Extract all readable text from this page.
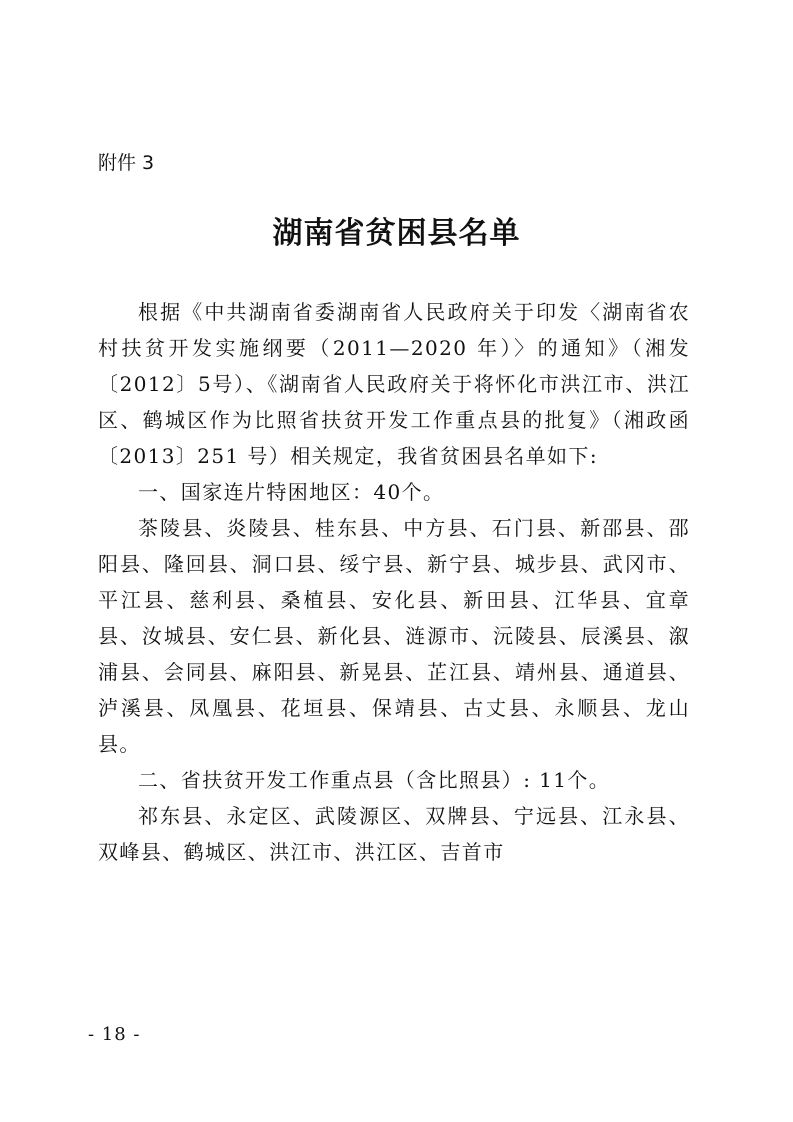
附件 3
湖南省贫困县名单

根据《中共湖南省委湖南省人民政府关于印发〈湖南省农村扶贫开发实施纲要（2011—2020 年）〉的通知》（湘发〔2012〕5号）、《湖南省人民政府关于将怀化市洪江市、洪江区、鹤城区作为比照省扶贫开发工作重点县的批复》（湘政函〔2013〕251 号）相关规定，我省贫困县名单如下:

一、国家连片特困地区：40个。

茶陵县、炎陵县、桂东县、中方县、石门县、新邵县、邵阳县、隆回县、洞口县、绥宁县、新宁县、城步县、武冈市、平江县、慈利县、桑植县、安化县、新田县、江华县、宜章县、汝城县、安仁县、新化县、涟源市、沅陵县、辰溪县、溆浦县、会同县、麻阳县、新晃县、芷江县、靖州县、通道县、泸溪县、凤凰县、花垣县、保靖县、古丈县、永顺县、龙山县。

二、省扶贫开发工作重点县（含比照县）: 11个。

祁东县、永定区、武陵源区、双牌县、宁远县、江永县、双峰县、鹤城区、洪江市、洪江区、吉首市

- 18 -
